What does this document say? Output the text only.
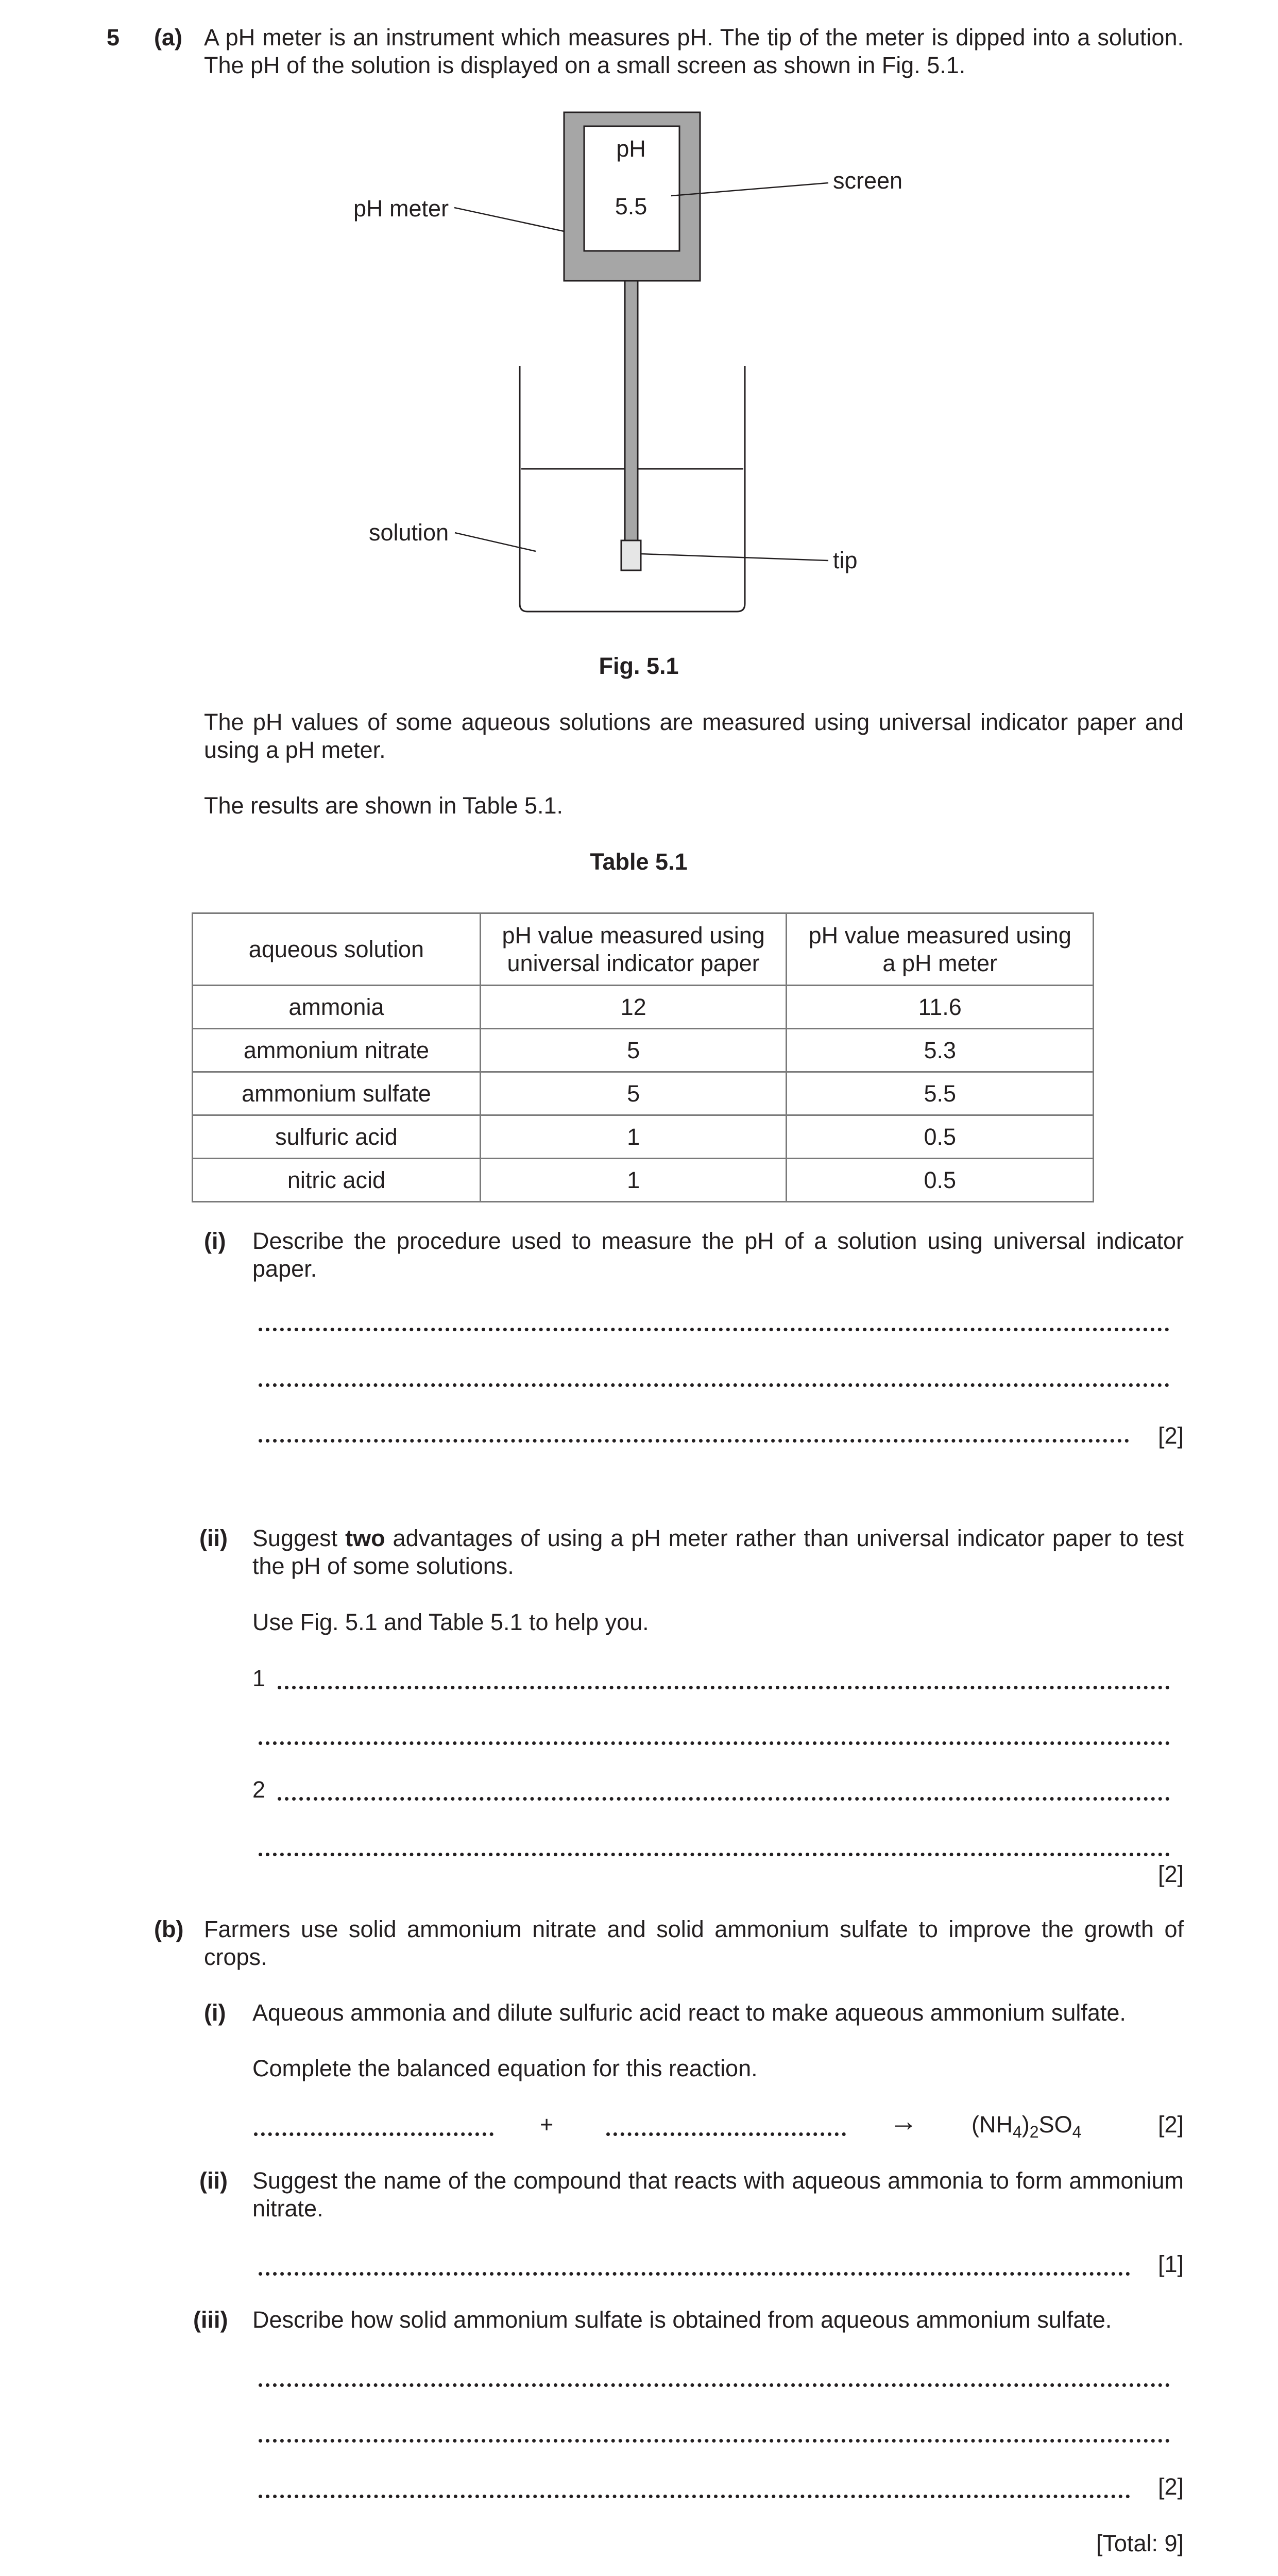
5 (a) A pH meter is an instrument which measures pH. The tip of the meter is dipped into a solution. The pH of the solution is displayed on a small screen as shown in Fig. 5.1.
pH
5.5
pH meter
screen
solution
tip
Fig. 5.1
The pH values of some aqueous solutions are measured using universal indicator paper and using a pH meter.
The results are shown in Table 5.1.
Table 5.1
aqueous solution	pH value measured using universal indicator paper	pH value measured using a pH meter

ammonia	12	11.6
ammonium nitrate	5	5.3
ammonium sulfate	5	5.5
sulfuric acid	1	0.5
nitric acid	1	0.5
(i) Describe the procedure used to measure the pH of a solution using universal indicator paper.
[2]
(ii) Suggest two advantages of using a pH meter rather than universal indicator paper to test the pH of some solutions.
Use Fig. 5.1 and Table 5.1 to help you.
1
2
[2]
(b) Farmers use solid ammonium nitrate and solid ammonium sulfate to improve the growth of crops.
(i) Aqueous ammonia and dilute sulfuric acid react to make aqueous ammonium sulfate.
Complete the balanced equation for this reaction.
+	→ $(NH_4)_2SO_4$	[2]
(ii) Suggest the name of the compound that reacts with aqueous ammonia to form ammonium nitrate.
[1]
(iii) Describe how solid ammonium sulfate is obtained from aqueous ammonium sulfate.
[2]
[Total: 9]
